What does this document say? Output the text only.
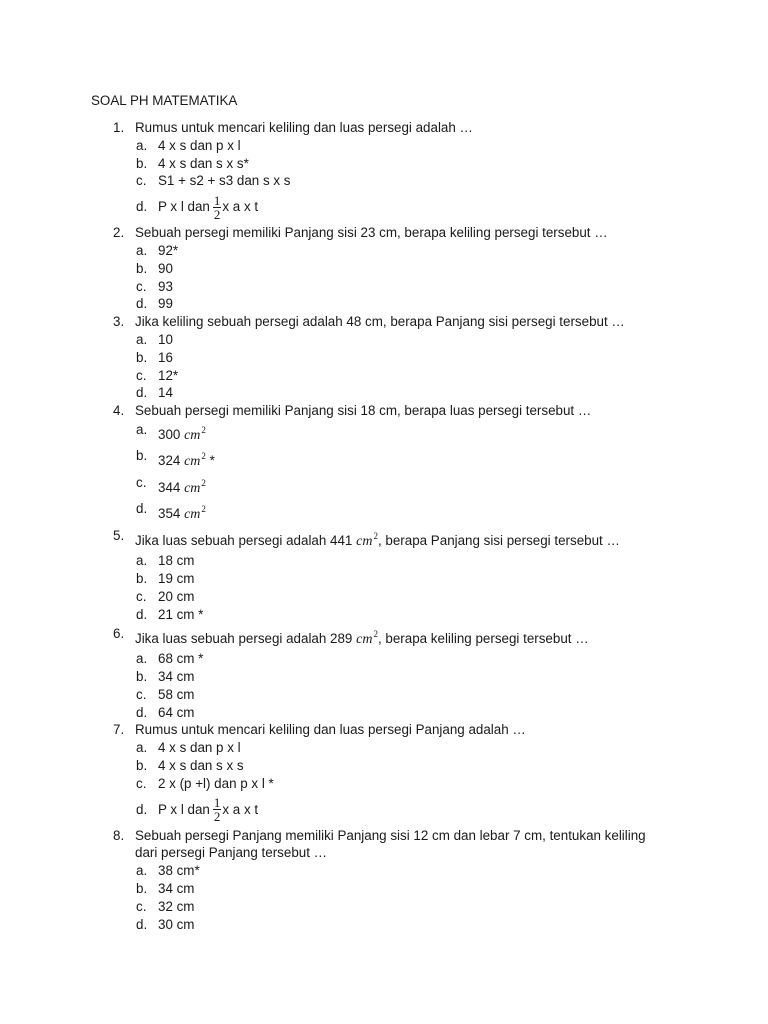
SOAL PH MATEMATIKA
1. Rumus untuk mencari keliling dan luas persegi adalah …
a. 4 x s dan p x l
b. 4 x s dan s x s*
c. S1 + s2 + s3 dan s x s
d. P x l dan $\frac{1}{2}$ x a x t
2. Sebuah persegi memiliki Panjang sisi 23 cm, berapa keliling persegi tersebut …
a. 92*
b. 90
c. 93
d. 99
3. Jika keliling sebuah persegi adalah 48 cm, berapa Panjang sisi persegi tersebut …
a. 10
b. 16
c. 12*
d. 14
4. Sebuah persegi memiliki Panjang sisi 18 cm, berapa luas persegi tersebut …
a. 300 $cm^2$
b. 324 $cm^2$ *
c. 344 $cm^2$
d. 354 $cm^2$
5. Jika luas sebuah persegi adalah 441 $cm^2$, berapa Panjang sisi persegi tersebut …
a. 18 cm
b. 19 cm
c. 20 cm
d. 21 cm *
6. Jika luas sebuah persegi adalah 289 $cm^2$, berapa keliling persegi tersebut …
a. 68 cm *
b. 34 cm
c. 58 cm
d. 64 cm
7. Rumus untuk mencari keliling dan luas persegi Panjang adalah …
a. 4 x s dan p x l
b. 4 x s dan s x s
c. 2 x (p +l) dan p x l *
d. P x l dan $\frac{1}{2}$ x a x t
8. Sebuah persegi Panjang memiliki Panjang sisi 12 cm dan lebar 7 cm, tentukan keliling
dari persegi Panjang tersebut …
a. 38 cm*
b. 34 cm
c. 32 cm
d. 30 cm
